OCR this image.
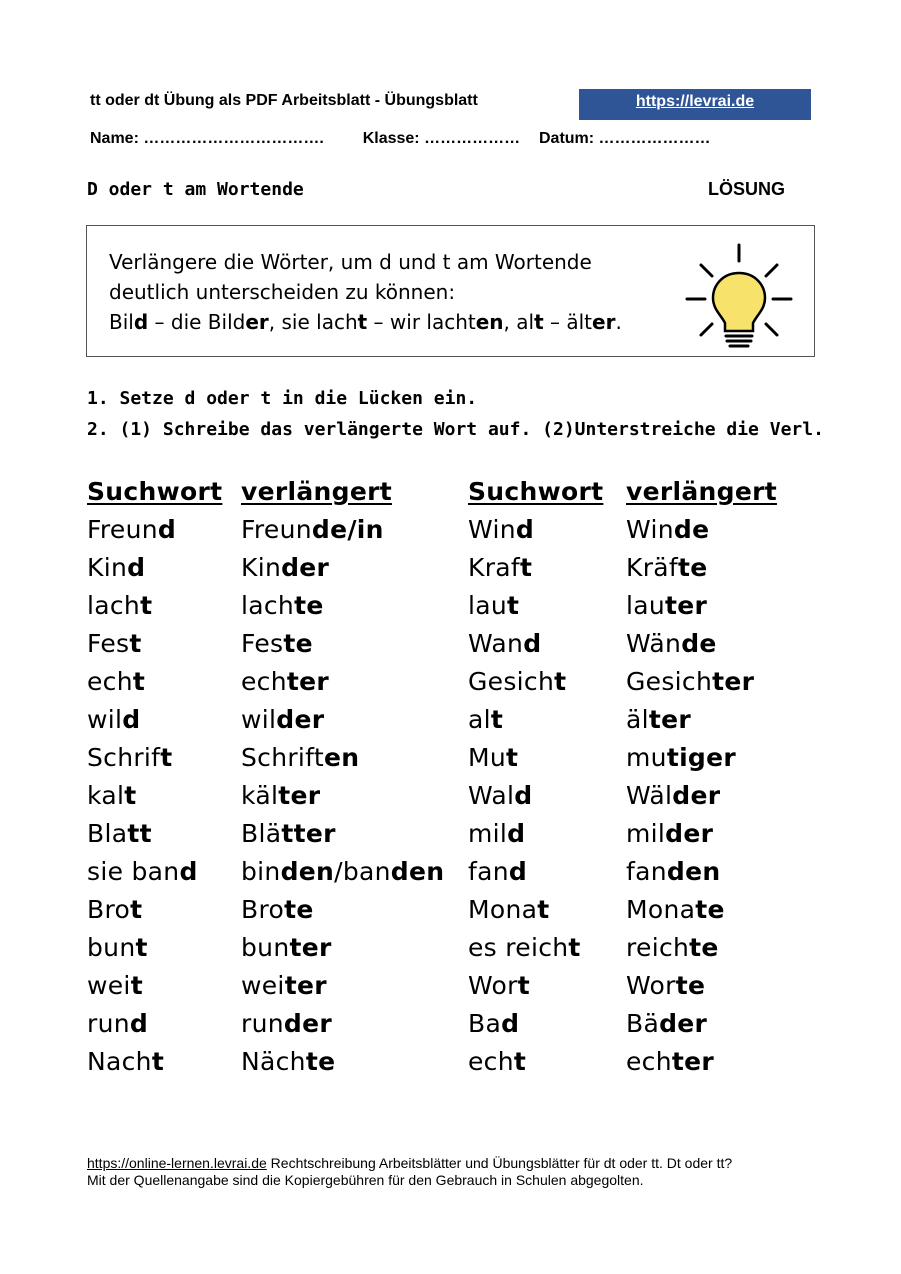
tt oder dt Übung als PDF Arbeitsblatt - Übungsblatt	https://levrai.de
Name: ……………………………. Klasse: ……………… Datum: …………………
D oder t am Wortende	LÖSUNG
Verlängere die Wörter, um d und t am Wortende
deutlich unterscheiden zu können:
Bild – die Bilder, sie lacht – wir lachten, alt – älter.
1. Setze d oder t in die Lücken ein.
2. (1) Schreibe das verlängerte Wort auf. (2)Unterstreiche die Verl.
Suchwort
Freund
Kind
lacht
Fest
echt
wild
Schrift
kalt
Blatt
sie band
Brot
bunt
weit
rund
Nacht
verlängert
Freunde/in
Kinder
lachte
Feste
echter
wilder
Schriften
kälter
Blätter
binden/banden
Brote
bunter
weiter
runder
Nächte
Suchwort
Wind
Kraft
laut
Wand
Gesicht
alt
Mut
Wald
mild
fand
Monat
es reicht
Wort
Bad
echt
verlängert
Winde
Kräfte
lauter
Wände
Gesichter
älter
mutiger
Wälder
milder
fanden
Monate
reichte
Worte
Bäder
echter
https://online-lernen.levrai.de Rechtschreibung Arbeitsblätter und Übungsblätter für dt oder tt. Dt oder tt?
Mit der Quellenangabe sind die Kopiergebühren für den Gebrauch in Schulen abgegolten.
